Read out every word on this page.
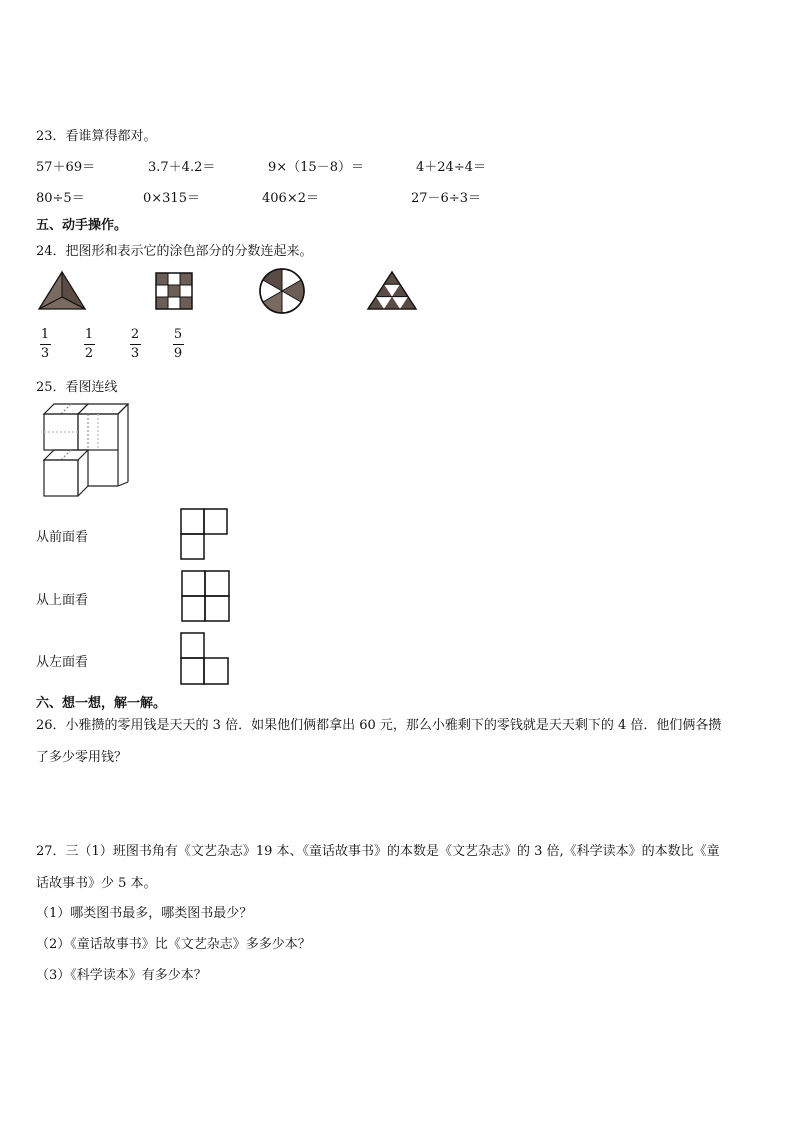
23．看谁算得都对。
57＋69＝	3.7＋4.2＝	9×（15－8）＝	4＋24÷4＝
80÷5＝	0×315＝	406×2＝	27－6÷3＝
五、动手操作。
24．把图形和表示它的涂色部分的分数连起来。
1
3
1
2
2
3
5
9
25．看图连线
从前面看
从上面看
从左面看
六、想一想，解一解。
26．小雅攒的零用钱是天天的 3 倍．如果他们俩都拿出 60 元，那么小雅剩下的零钱就是天天剩下的 4 倍．他们俩各攒
了多少零用钱？
27．三（1）班图书角有《文艺杂志》19 本、《童话故事书》的本数是《文艺杂志》的 3 倍,《科学读本》的本数比《童
话故事书》少 5 本。
（1）哪类图书最多，哪类图书最少？
（2）《童话故事书》比《文艺杂志》多多少本？
（3）《科学读本》有多少本？
